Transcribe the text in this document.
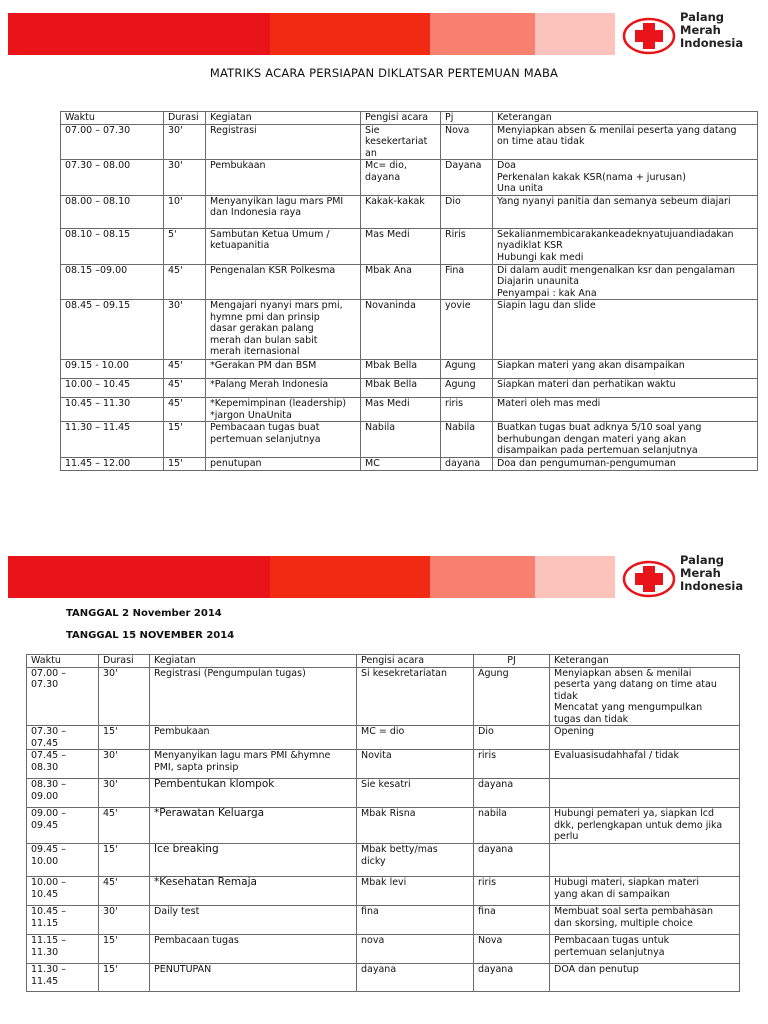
Palang
Merah
Indonesia
MATRIKS ACARA PERSIAPAN DIKLATSAR PERTEMUAN MABA
Waktu	Durasi	Kegiatan	Pengisi acara	Pj	Keterangan
07.00 – 07.30	30'	Registrasi	Sie
kesekertariat
an	Nova	Menyiapkan absen & menilai peserta yang datang
on time atau tidak
07.30 – 08.00	30'	Pembukaan	Mc= dio,
dayana	Dayana	Doa
Perkenalan kakak KSR(nama + jurusan)
Una unita
08.00 – 08.10	10'	Menyanyikan lagu mars PMI
dan Indonesia raya	Kakak-kakak	Dio	Yang nyanyi panitia dan semanya sebeum diajari
08.10 – 08.15	5'	Sambutan Ketua Umum /
ketuapanitia	Mas Medi	Riris	Sekalianmembicarakankeadeknyatujuandiadakan
nyadiklat KSR
Hubungi kak medi
08.15 –09.00	45'	Pengenalan KSR Polkesma	Mbak Ana	Fina	Di dalam audit mengenalkan ksr dan pengalaman
Diajarin unaunita
Penyampai : kak Ana
08.45 – 09.15	30'	Mengajari nyanyi mars pmi,
hymne pmi dan prinsip
dasar gerakan palang
merah dan bulan sabit
merah iternasional	Novaninda	yovie	Siapin lagu dan slide
09.15 - 10.00	45'	*Gerakan PM dan BSM	Mbak Bella	Agung	Siapkan materi yang akan disampaikan
10.00 – 10.45	45'	*Palang Merah Indonesia	Mbak Bella	Agung	Siapkan materi dan perhatikan waktu
10.45 – 11.30	45'	*Kepemimpinan (leadership)
*jargon UnaUnita	Mas Medi	riris	Materi oleh mas medi
11.30 – 11.45	15'	Pembacaan tugas buat
pertemuan selanjutnya	Nabila	Nabila	Buatkan tugas buat adknya 5/10 soal yang
berhubungan dengan materi yang akan
disampaikan pada pertemuan selanjutnya
11.45 – 12.00	15'	penutupan	MC	dayana	Doa dan pengumuman-pengumuman
Palang
Merah
Indonesia
TANGGAL 2 November 2014
TANGGAL 15 NOVEMBER 2014
Waktu	Durasi	Kegiatan	Pengisi acara	PJ	Keterangan
07.00 –
07.30	30'	Registrasi (Pengumpulan tugas)	Si kesekretariatan	Agung	Menyiapkan absen & menilai
peserta yang datang on time atau
tidak
Mencatat yang mengumpulkan
tugas dan tidak
07.30 –
07.45	15'	Pembukaan	MC = dio	Dio	Opening
07.45 –
08.30	30'	Menyanyikan lagu mars PMI &hymne
PMI, sapta prinsip	Novita	riris	Evaluasisudahhafal / tidak
08.30 –
09.00	30'	Pembentukan klompok	Sie kesatri	dayana	
09.00 –
09.45	45'	*Perawatan Keluarga	Mbak Risna	nabila	Hubungi pemateri ya, siapkan lcd
dkk, perlengkapan untuk demo jika
perlu
09.45 –
10.00	15'	Ice breaking	Mbak betty/mas
dicky	dayana	
10.00 –
10.45	45'	*Kesehatan Remaja	Mbak levi	riris	Hubugi materi, siapkan materi
yang akan di sampaikan
10.45 –
11.15	30'	Daily test	fina	fina	Membuat soal serta pembahasan
dan skorsing, multiple choice
11.15 –
11.30	15'	Pembacaan tugas	nova	Nova	Pembacaan tugas untuk
pertemuan selanjutnya
11.30 –
11.45	15'	PENUTUPAN	dayana	dayana	DOA dan penutup
